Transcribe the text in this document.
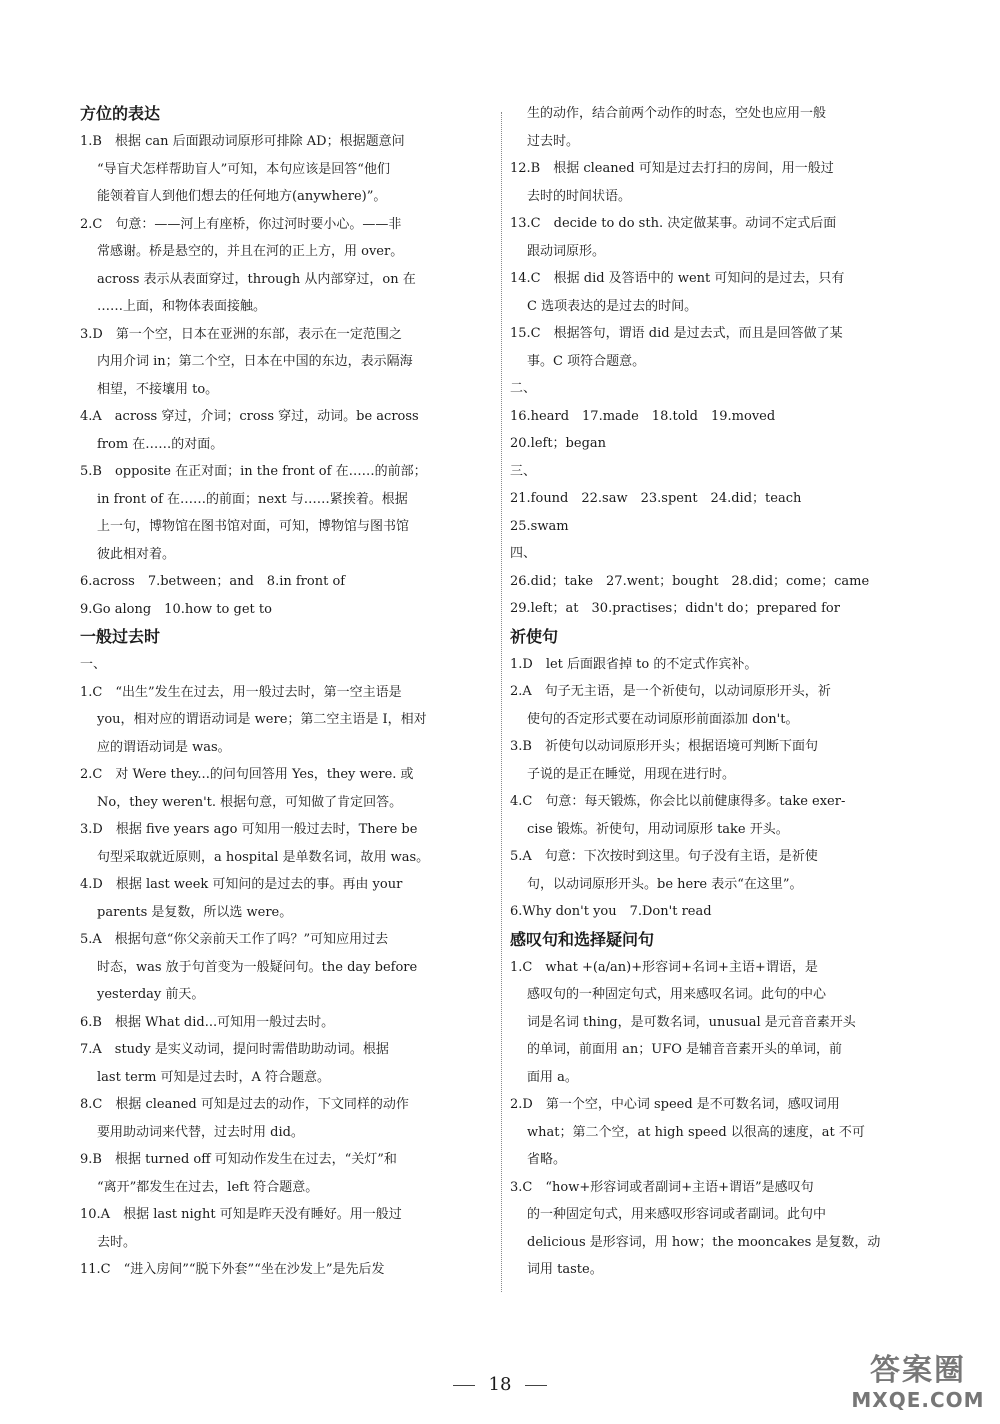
方位的表达
1.B　根据 can 后面跟动词原形可排除 AD；根据题意问
“导盲犬怎样帮助盲人”可知，本句应该是回答“他们
能领着盲人到他们想去的任何地方(anywhere)”。
2.C　句意：——河上有座桥，你过河时要小心。——非
常感谢。桥是悬空的，并且在河的正上方，用 over。
across 表示从表面穿过，through 从内部穿过，on 在
……上面，和物体表面接触。
3.D　第一个空，日本在亚洲的东部，表示在一定范围之
内用介词 in；第二个空，日本在中国的东边，表示隔海
相望，不接壤用 to。
4.A　across 穿过，介词；cross 穿过，动词。be across
from 在……的对面。
5.B　opposite 在正对面；in the front of 在……的前部；
in front of 在……的前面；next 与……紧挨着。根据
上一句，博物馆在图书馆对面，可知，博物馆与图书馆
彼此相对着。
6.across　7.between；and　8.in front of
9.Go along　10.how to get to
一般过去时
一、
1.C　“出生”发生在过去，用一般过去时，第一空主语是
you，相对应的谓语动词是 were；第二空主语是 I，相对
应的谓语动词是 was。
2.C　对 Were they...的问句回答用 Yes，they were. 或
No，they weren't. 根据句意，可知做了肯定回答。
3.D　根据 five years ago 可知用一般过去时，There be
句型采取就近原则，a hospital 是单数名词，故用 was。
4.D　根据 last week 可知问的是过去的事。再由 your
parents 是复数，所以选 were。
5.A　根据句意“你父亲前天工作了吗？”可知应用过去
时态，was 放于句首变为一般疑问句。the day before
yesterday 前天。
6.B　根据 What did...可知用一般过去时。
7.A　study 是实义动词，提问时需借助助动词。根据
last term 可知是过去时，A 符合题意。
8.C　根据 cleaned 可知是过去的动作，下文同样的动作
要用助动词来代替，过去时用 did。
9.B　根据 turned off 可知动作发生在过去，“关灯”和
“离开”都发生在过去，left 符合题意。
10.A　根据 last night 可知是昨天没有睡好。用一般过
去时。
11.C　“进入房间”“脱下外套”“坐在沙发上”是先后发
生的动作，结合前两个动作的时态，空处也应用一般
过去时。
12.B　根据 cleaned 可知是过去打扫的房间，用一般过
去时的时间状语。
13.C　decide to do sth. 决定做某事。动词不定式后面
跟动词原形。
14.C　根据 did 及答语中的 went 可知问的是过去，只有
C 选项表达的是过去的时间。
15.C　根据答句，谓语 did 是过去式，而且是回答做了某
事。C 项符合题意。
二、
16.heard　17.made　18.told　19.moved
20.left；began
三、
21.found　22.saw　23.spent　24.did；teach
25.swam
四、
26.did；take　27.went；bought　28.did；come；came
29.left；at　30.practises；didn't do；prepared for
祈使句
1.D　let 后面跟省掉 to 的不定式作宾补。
2.A　句子无主语，是一个祈使句，以动词原形开头，祈
使句的否定形式要在动词原形前面添加 don't。
3.B　祈使句以动词原形开头；根据语境可判断下面句
子说的是正在睡觉，用现在进行时。
4.C　句意：每天锻炼，你会比以前健康得多。take exer-
cise 锻炼。祈使句，用动词原形 take 开头。
5.A　句意：下次按时到这里。句子没有主语，是祈使
句，以动词原形开头。be here 表示“在这里”。
6.Why don't you　7.Don't read
感叹句和选择疑问句
1.C　what +(a/an)+形容词+名词+主语+谓语，是
感叹句的一种固定句式，用来感叹名词。此句的中心
词是名词 thing，是可数名词，unusual 是元音音素开头
的单词，前面用 an；UFO 是辅音音素开头的单词，前
面用 a。
2.D　第一个空，中心词 speed 是不可数名词，感叹词用
what；第二个空，at high speed 以很高的速度，at 不可
省略。
3.C　“how+形容词或者副词+主语+谓语”是感叹句
的一种固定句式，用来感叹形容词或者副词。此句中
delicious 是形容词，用 how；the mooncakes 是复数，动
词用 taste。
18	答案圈
MXQE.COM
